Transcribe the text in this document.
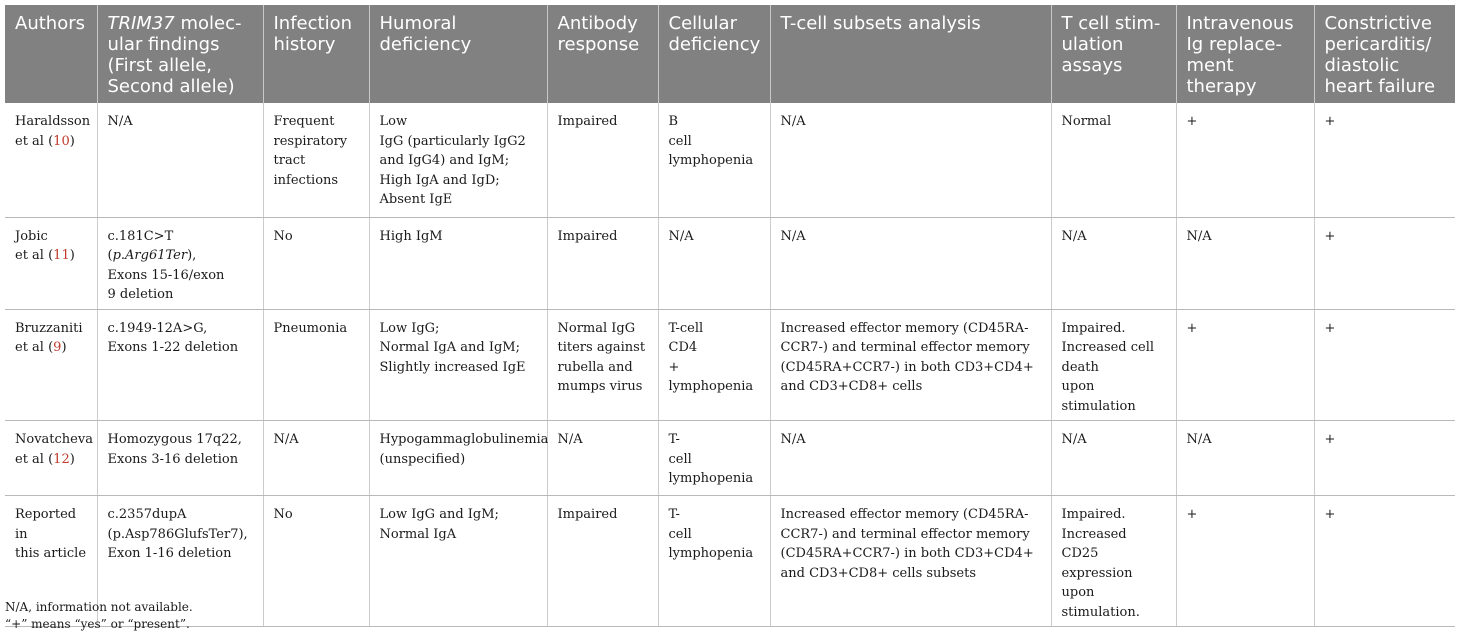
Authors	TRIM37 molec-
ular findings
(First allele,
Second allele)	Infection
history	Humoral
deficiency	Antibody
response	Cellular
deficiency	T-cell subsets analysis	T cell stim-
ulation
assays	Intravenous
Ig replace-
ment therapy	Constrictive
pericarditis/
diastolic
heart failure

Haraldsson
et al (10)	N/A	Frequent
respiratory
tract
infections	Low
IgG (particularly IgG2
and IgG4) and IgM;
High IgA and IgD;
Absent IgE	Impaired	B
cell
lymphopenia	N/A	Normal	+	+

Jobic
et al (11)	c.181C>T
(p.Arg61Ter),
Exons 15-16/exon
9 deletion	No	High IgM	Impaired	N/A	N/A	N/A	N/A	+

Bruzzaniti
et al (9)	c.1949-12A>G,
Exons 1-22 deletion	Pneumonia	Low IgG;
Normal IgA and IgM;
Slightly increased IgE	Normal IgG
titers against
rubella and
mumps virus	T-cell
CD4
+ lymphopenia	Increased effector memory (CD45RA-
CCR7-) and terminal effector memory
(CD45RA+CCR7-) in both CD3+CD4+
and CD3+CD8+ cells	Impaired.
Increased cell
death
upon stimulation	+	+

Novatcheva
et al (12)	Homozygous 17q22,
Exons 3-16 deletion	N/A	Hypogammaglobulinemia
(unspecified)	N/A	T-
cell
lymphopenia	N/A	N/A	N/A	+

Reported in
this article	c.2357dupA
(p.Asp786GlufsTer7),
Exon 1-16 deletion	No	Low IgG and IgM;
Normal IgA	Impaired	T-
cell
lymphopenia	Increased effector memory (CD45RA-
CCR7-) and terminal effector memory
(CD45RA+CCR7-) in both CD3+CD4+
and CD3+CD8+ cells subsets	Impaired.
Increased CD25
expression
upon
stimulation.	+	+
N/A, information not available.
“+” means “yes” or “present”.
